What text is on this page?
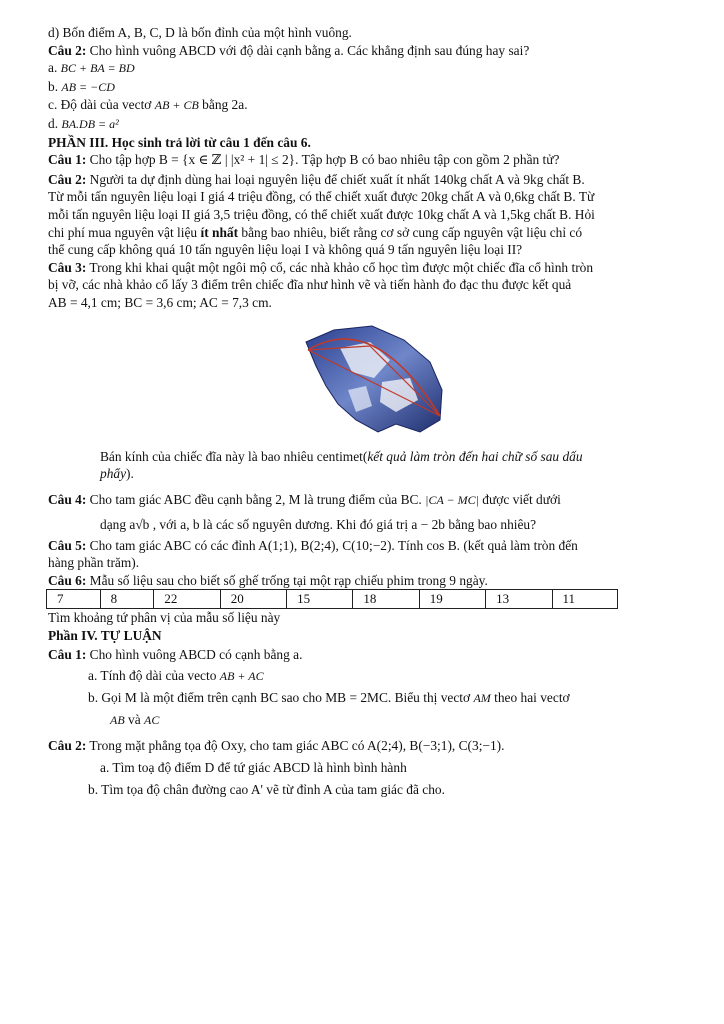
d) Bốn điểm A, B, C, D là bốn đỉnh của một hình vuông.

Câu 2: Cho hình vuông ABCD với độ dài cạnh bằng a. Các khẳng định sau đúng hay sai?

a. BC + BA = BD

b. AB = −CD

c. Độ dài của vectơ AB + CB bằng 2a.

d. BA.DB = a²

PHẦN III. Học sinh trả lời từ câu 1 đến câu 6.

Câu 1: Cho tập hợp B = {x ∈ ℤ | |x² + 1| ≤ 2}. Tập hợp B có bao nhiêu tập con gồm 2 phần tử?

Câu 2: Người ta dự định dùng hai loại nguyên liệu để chiết xuất ít nhất 140kg chất A và 9kg chất B.

Từ mỗi tấn nguyên liệu loại I giá 4 triệu đồng, có thể chiết xuất được 20kg chất A và 0,6kg chất B. Từ

mỗi tấn nguyên liệu loại II giá 3,5 triệu đồng, có thể chiết xuất được 10kg chất A và 1,5kg chất B. Hỏi

chi phí mua nguyên vật liệu ít nhất bằng bao nhiêu, biết rằng cơ sở cung cấp nguyên vật liệu chỉ có

thể cung cấp không quá 10 tấn nguyên liệu loại I và không quá 9 tấn nguyên liệu loại II?

Câu 3: Trong khi khai quật một ngôi mộ cổ, các nhà khảo cổ học tìm được một chiếc đĩa cổ hình tròn

bị vỡ, các nhà khảo cổ lấy 3 điểm trên chiếc đĩa như hình vẽ và tiến hành đo đạc thu được kết quả

AB = 4,1 cm; BC = 3,6 cm; AC = 7,3 cm.

Bán kính của chiếc đĩa này là bao nhiêu centimet(kết quả làm tròn đến hai chữ số sau dấu

phẩy).

Câu 4: Cho tam giác ABC đều cạnh bằng 2, M là trung điểm của BC. |CA − MC| được viết dưới

dạng a√b , với a, b là các số nguyên dương. Khi đó giá trị a − 2b bằng bao nhiêu?

Câu 5: Cho tam giác ABC có các đỉnh A(1;1), B(2;4), C(10;−2). Tính cos B. (kết quả làm tròn đến

hàng phần trăm).

Câu 6: Mẫu số liệu sau cho biết số ghế trống tại một rạp chiếu phim trong 9 ngày.

7	8	22	20	15	18	19	13	11

Tìm khoảng tứ phân vị của mẫu số liệu này

Phần IV. TỰ LUẬN

Câu 1: Cho hình vuông ABCD có cạnh bằng a.

a. Tính độ dài của vecto AB + AC

b. Gọi M là một điểm trên cạnh BC sao cho MB = 2MC. Biểu thị vectơ AM theo hai vectơ

AB và AC

Câu 2: Trong mặt phẳng tọa độ Oxy, cho tam giác ABC có A(2;4), B(−3;1), C(3;−1).

a. Tìm toạ độ điểm D để tứ giác ABCD là hình bình hành

b. Tìm tọa độ chân đường cao A' vẽ từ đỉnh A của tam giác đã cho.
